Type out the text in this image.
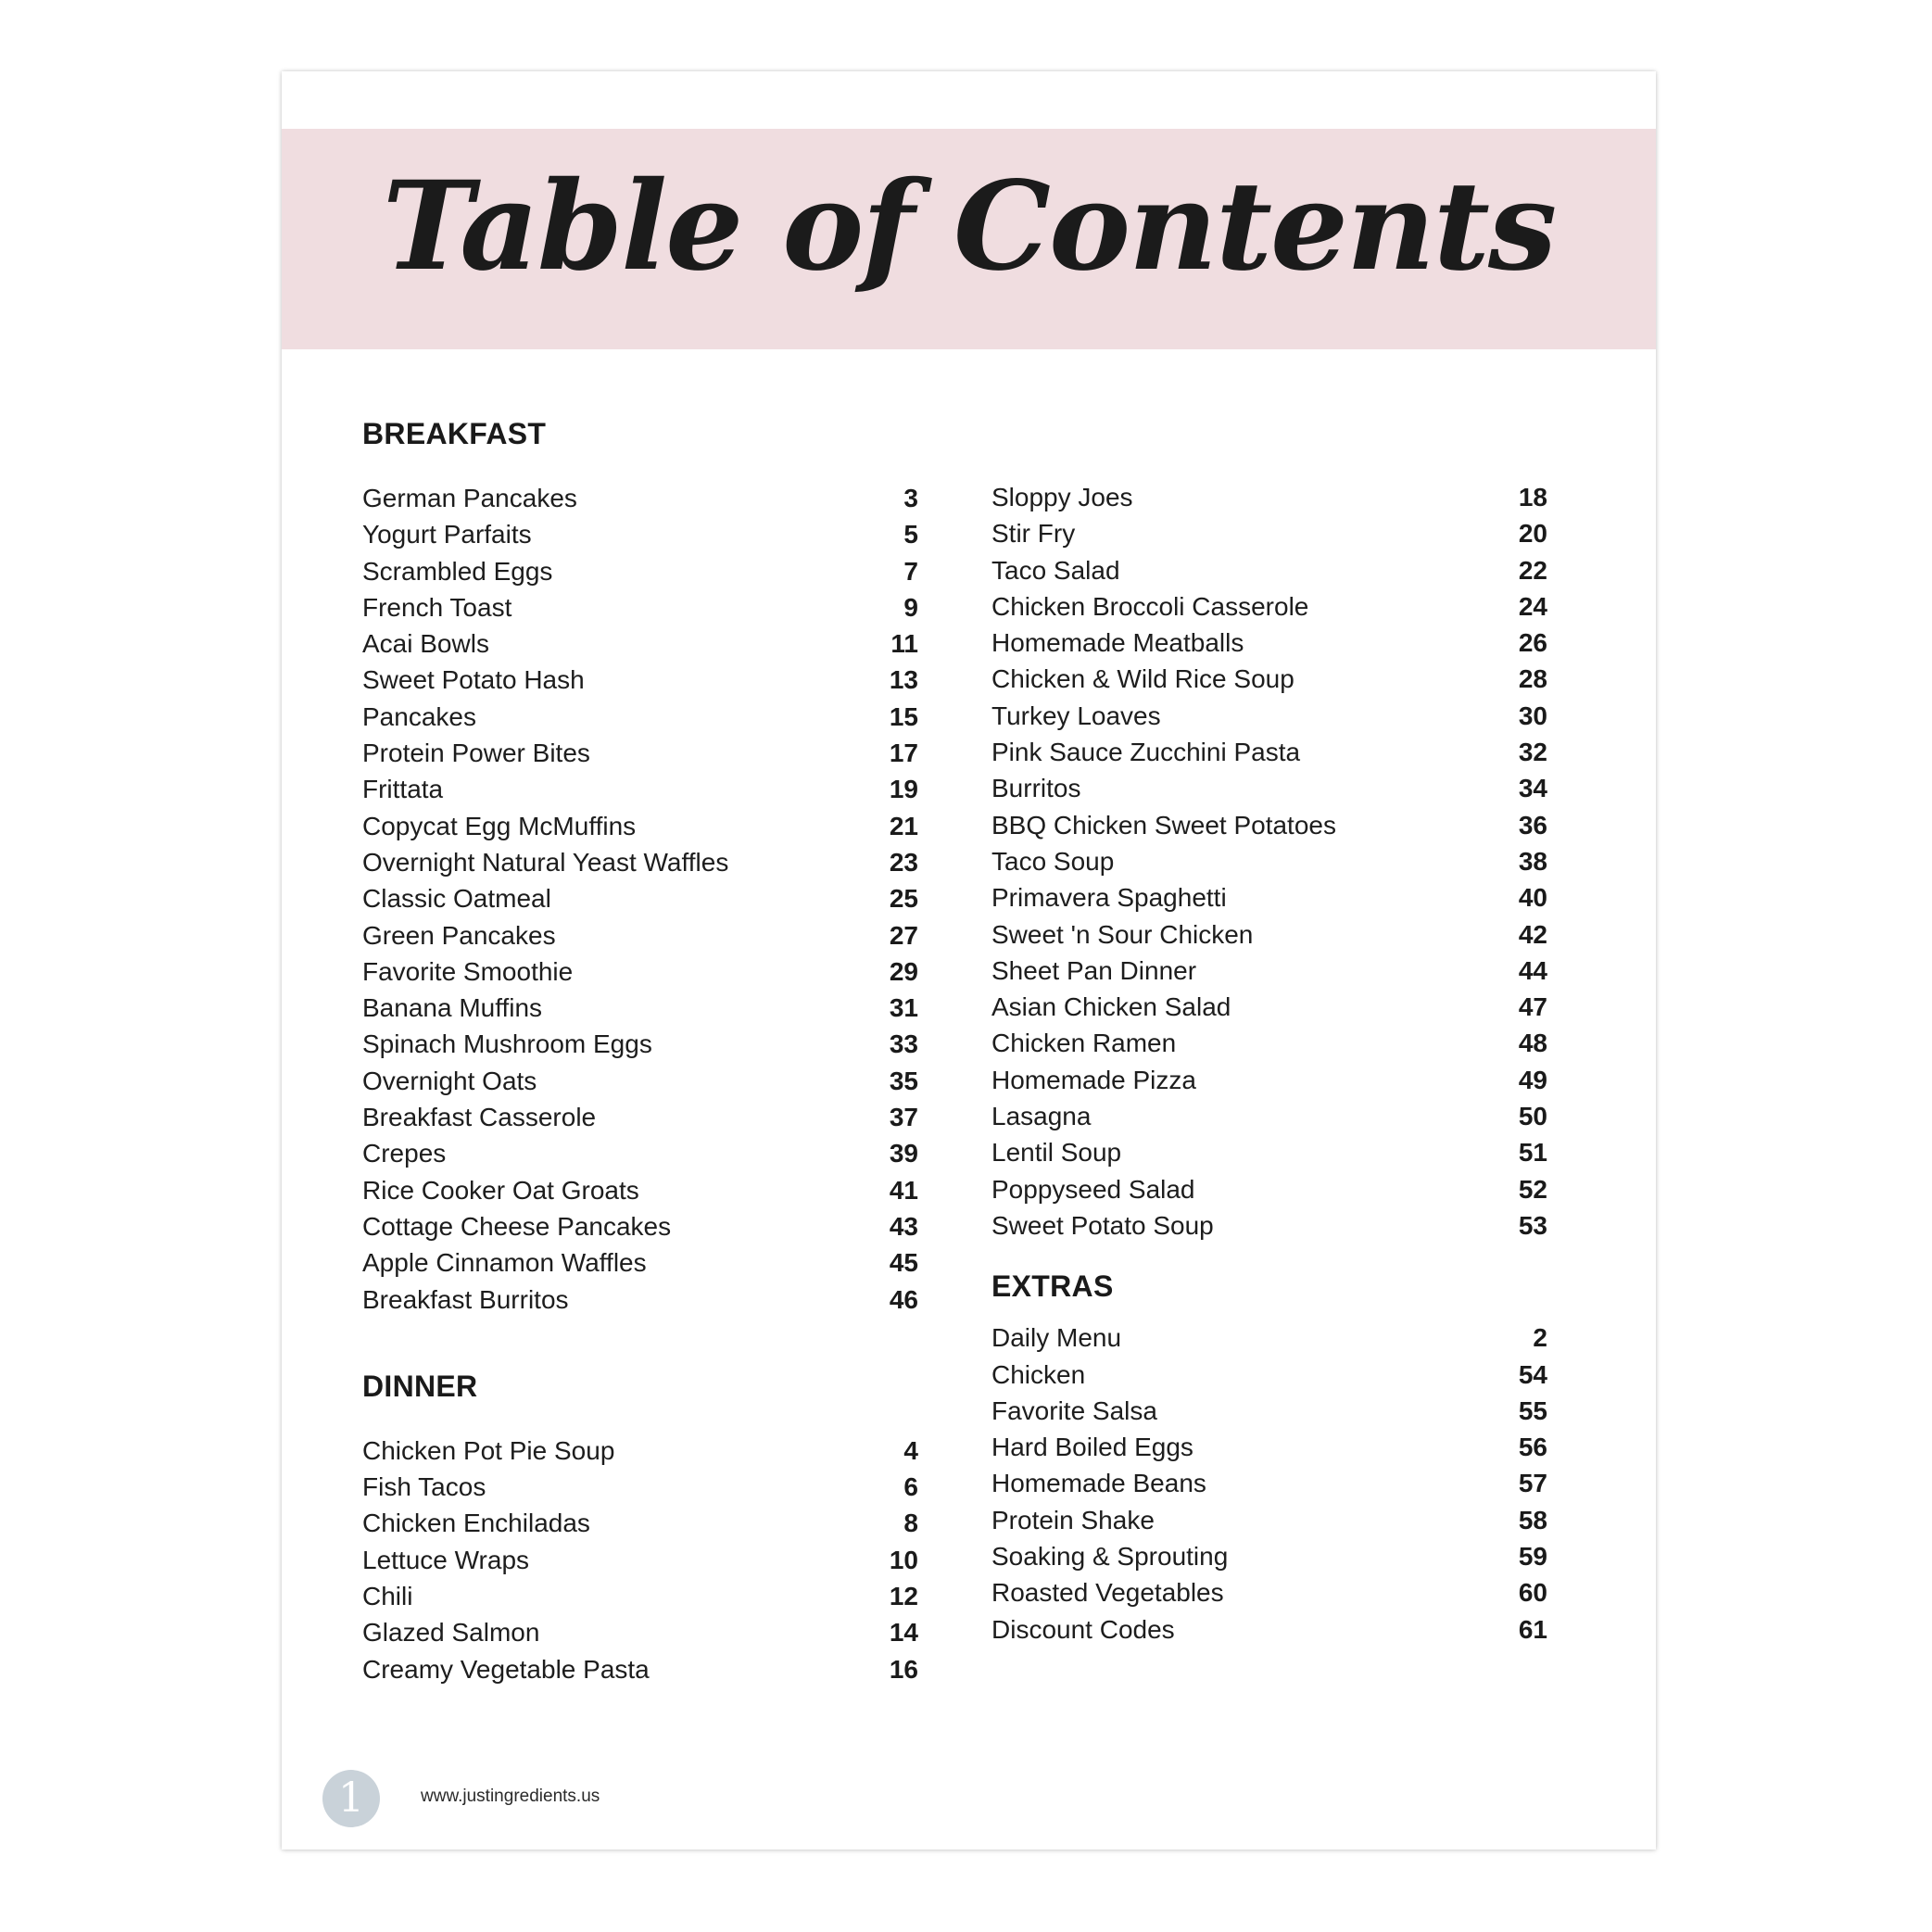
Table of Contents
BREAKFAST
German Pancakes	3
Yogurt Parfaits	5
Scrambled Eggs	7
French Toast	9
Acai Bowls	11
Sweet Potato Hash	13
Pancakes	15
Protein Power Bites	17
Frittata	19
Copycat Egg McMuffins	21
Overnight Natural Yeast Waffles	23
Classic Oatmeal	25
Green Pancakes	27
Favorite Smoothie	29
Banana Muffins	31
Spinach Mushroom Eggs	33
Overnight Oats	35
Breakfast Casserole	37
Crepes	39
Rice Cooker Oat Groats	41
Cottage Cheese Pancakes	43
Apple Cinnamon Waffles	45
Breakfast Burritos	46
DINNER
Chicken Pot Pie Soup	4
Fish Tacos	6
Chicken Enchiladas	8
Lettuce Wraps	10
Chili	12
Glazed Salmon	14
Creamy Vegetable Pasta	16
Sloppy Joes	18
Stir Fry	20
Taco Salad	22
Chicken Broccoli Casserole	24
Homemade Meatballs	26
Chicken & Wild Rice Soup	28
Turkey Loaves	30
Pink Sauce Zucchini Pasta	32
Burritos	34
BBQ Chicken Sweet Potatoes	36
Taco Soup	38
Primavera Spaghetti	40
Sweet 'n Sour Chicken	42
Sheet Pan Dinner	44
Asian Chicken Salad	47
Chicken Ramen	48
Homemade Pizza	49
Lasagna	50
Lentil Soup	51
Poppyseed Salad	52
Sweet Potato Soup	53
EXTRAS
Daily Menu	2
Chicken	54
Favorite Salsa	55
Hard Boiled Eggs	56
Homemade Beans	57
Protein Shake	58
Soaking & Sprouting	59
Roasted Vegetables	60
Discount Codes	61
1	www.justingredients.us
